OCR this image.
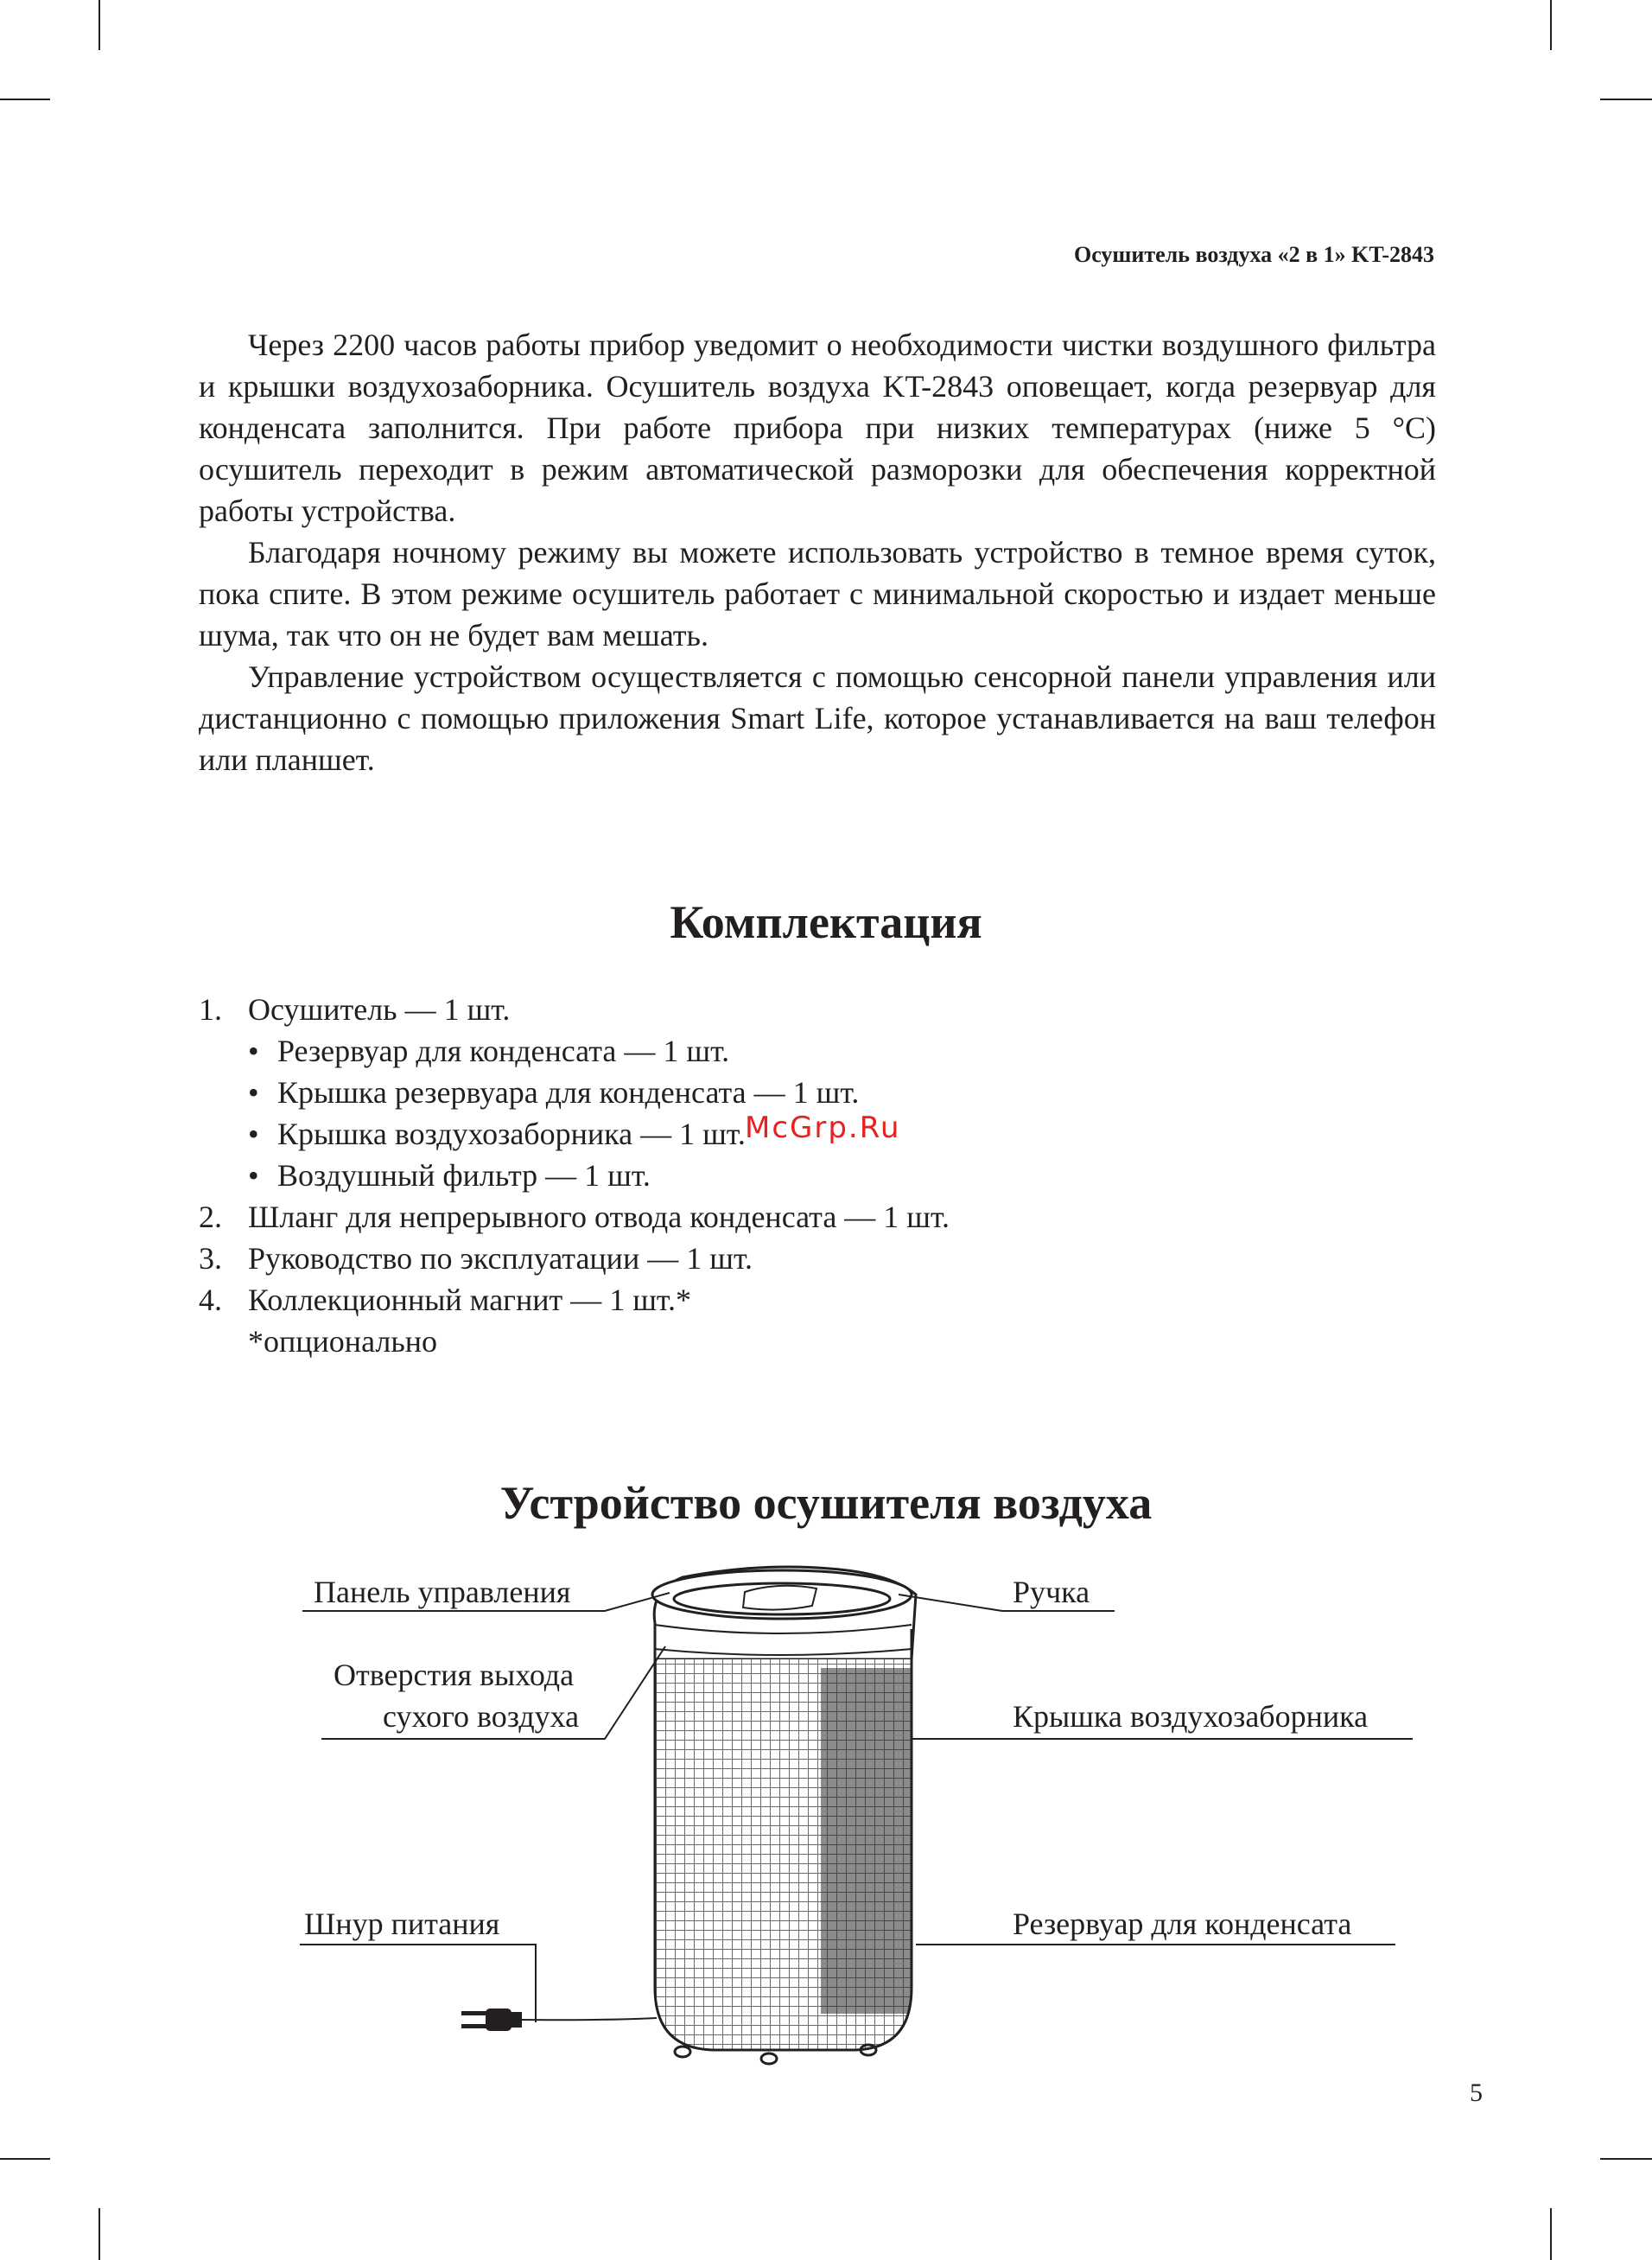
Осушитель воздуха «2 в 1» KT-2843

Через 2200 часов работы прибор уведомит о необходимости чистки воздушного фильтра и крышки воздухозаборника. Осушитель воздуха KT-2843 оповещает, когда резервуар для конденсата заполнится. При работе прибора при низких температурах (ниже 5 °C) осушитель переходит в режим автоматической разморозки для обеспечения корректной работы устройства.

Благодаря ночному режиму вы можете использовать устройство в темное время суток, пока спите. В этом режиме осушитель работает с минимальной скоростью и издает меньше шума, так что он не будет вам мешать.

Управление устройством осуществляется с помощью сенсорной панели управления или дистанционно с помощью приложения Smart Life, которое устанавливается на ваш телефон или планшет.

Комплектация
1. Осушитель — 1 шт.
• Резервуар для конденсата — 1 шт.
• Крышка резервуара для конденсата — 1 шт.
• Крышка воздухозаборника — 1 шт.
• Воздушный фильтр — 1 шт.
2. Шланг для непрерывного отвода конденсата — 1 шт.
3. Руководство по эксплуатации — 1 шт.
4. Коллекционный магнит — 1 шт.*
*опционально
McGrp.Ru
Устройство осушителя воздуха
Панель управления	Ручка
Отверстия выхода
сухого воздуха	Крышка воздухозаборника
Шнур питания	Резервуар для конденсата
5
